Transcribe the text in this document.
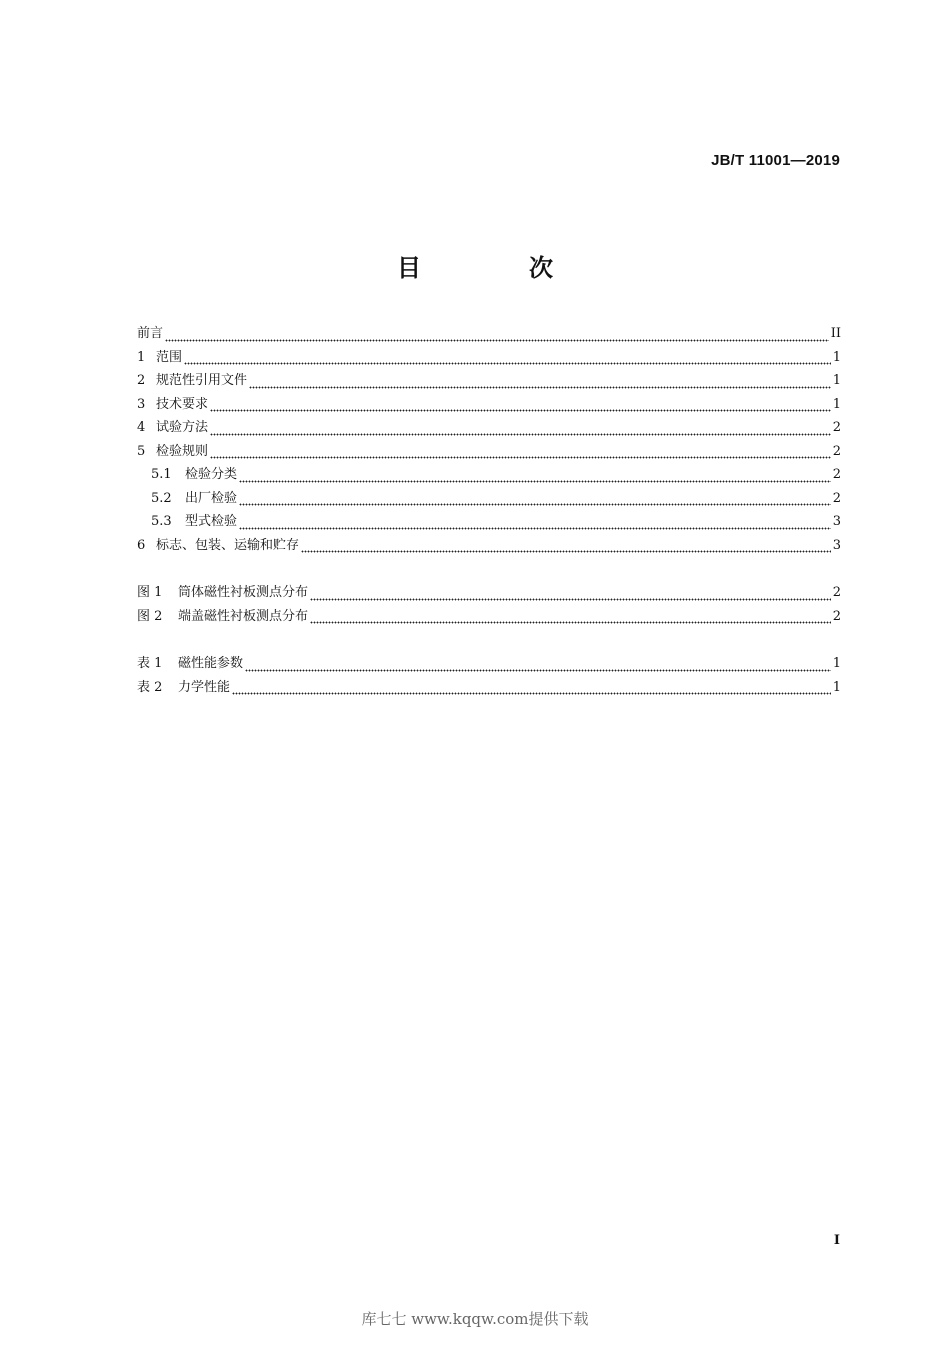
JB/T 11001—2019
目　次
前言	II
1 范围	1
2 规范性引用文件	1
3 技术要求	1
4 试验方法	2
5 检验规则	2
5.1	检验分类	2
5.2	出厂检验	2
5.3	型式检验	3
6 标志、包装、运输和贮存	3
图 1	筒体磁性衬板测点分布	2
图 2	端盖磁性衬板测点分布	2
表 1	磁性能参数	1
表 2	力学性能	1
I
库七七 www.kqqw.com提供下载
